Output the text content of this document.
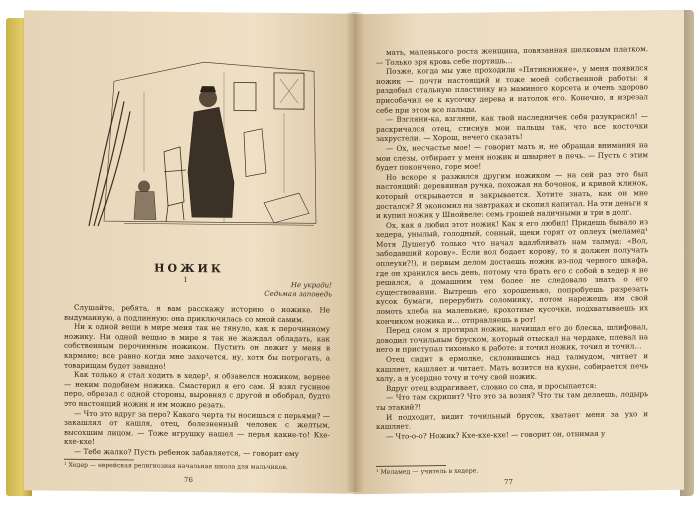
НОЖИК
I
Не укради!
Седьмая заповедь

Слушайте, ребята, я вам расскажу историю о ножике. Не выдуманную, а подлинную: она приключилась со мной самим.

Ни к одной вещи в мире меня так не тянуло, как к перочинному ножику. Ни одной вещью в мире я так не жаждал обладать, как собственным перочинным ножиком. Пустить он лежит у меня в кармане; все равно когда мне захочется, ну, хотя бы потрогать, а товарищам будет завидно!

Как только я стал ходить в хедер¹, я обзавелся ножиком, вернее — неким подобием ножика. Смастерил я его сам. Я взял гусиное перо, обрезал с одной стороны, выровнял с другой и обобрал, будто это настоящий ножик и им можно резать.

— Что это вдруг за перо? Какого черта ты носишься с перьями? — закашлял от кашля, отец, болезненный человек с желтым, высохшим лицом. — Тоже игрушку нашел — перья какие-то! Кхе-кхе-кхе!

— Тебе жалко? Пусть ребенок забавляется, — говорит ему

¹ Хедер — еврейская религиозная начальная школа для мальчиков.
76

мать, маленького роста женщина, повязанная шелковым платком. — Только зря кровь себе портишь…

Позже, когда мы уже проходили «Пятикнижие», у меня появился ножик — почти настоящий и тоже моей собственной работы: я раздобыл стальную пластинку из маминого корсета и очень здорово присобачил ее к кусочку дерева и натолок его. Конечно, я изрезал себе при этом все пальцы.

— Взгляни-ка, взгляни, как твой наследничек себя разукрасил! — раскричался отец, стиснув мои пальцы так, что все косточки захрустели. — Хорош, нечего сказать!

— Ох, несчастье мое! — говорит мать и, не обращая внимания на мои слезы, отбирает у меня ножик и швыряет в печь. — Пусть с этим будет покончено, горе мое!

Но вскоре я разжился другим ножиком — на сей раз это был настоящий: деревянная ручка, похожая на бочонок, и кривой клинок, который открывается и закрывается. Хотите знать, как он мне достался? Я экономил на завтраках и скопил капитал. На эти деньги я и купил ножик у Шнойвеле: семь грошей наличными и три в долг.

Ох, как я любил этот ножик! Как я его любил! Придешь бывало из хедера, унылый, голодный, сонный, щеки горят от оплеух (меламед¹ Мотя Душегуб только что начал вдалбливать нам талмуд: «Вол, забодавший корову». Если вол бодает корову, то я должен получать оплеухи?!), и первым делом достаешь ножик из-под черного шкафа, где он хранился весь день, потому что брать его с собой в хедер я не решался, а домашним тем более не следовало знать о его существовании. Вытрешь его хорошенько, попробуешь разрезать кусок бумаги, перерубить соломинку, потом нарежешь им свой ломоть хлеба на маленькие, крохотные кусочки, подхватываешь их кончиком ножика и… отправляешь в рот!

Перед сном я протирал ножик, начищал его до блеска, шлифовал, доводил точильным бруском, который отыскал на чердаке, плевал на него и приступал тихонько к работе: я точил ножик, точил и точил…

Отец сидит в ермолке, склонившись над талмудом, читает и кашляет, кашляет и читает. Мать возится на кухне, собирается печь халу, а я усердно точу и точу свой ножик.

Вдруг отец вздрагивает, словно со сна, и просыпается:

— Что там скрипит? Что это за возня? Что ты там делаешь, лодырь ты этакий?!

И подходит, видит точильный брусок, хватает меня за ухо и кашляет.

— Что-о-о? Ножик? Кхе-кхе-кхе! — говорит он, отнимая у

¹ Меламед — учитель в хедере.
77
